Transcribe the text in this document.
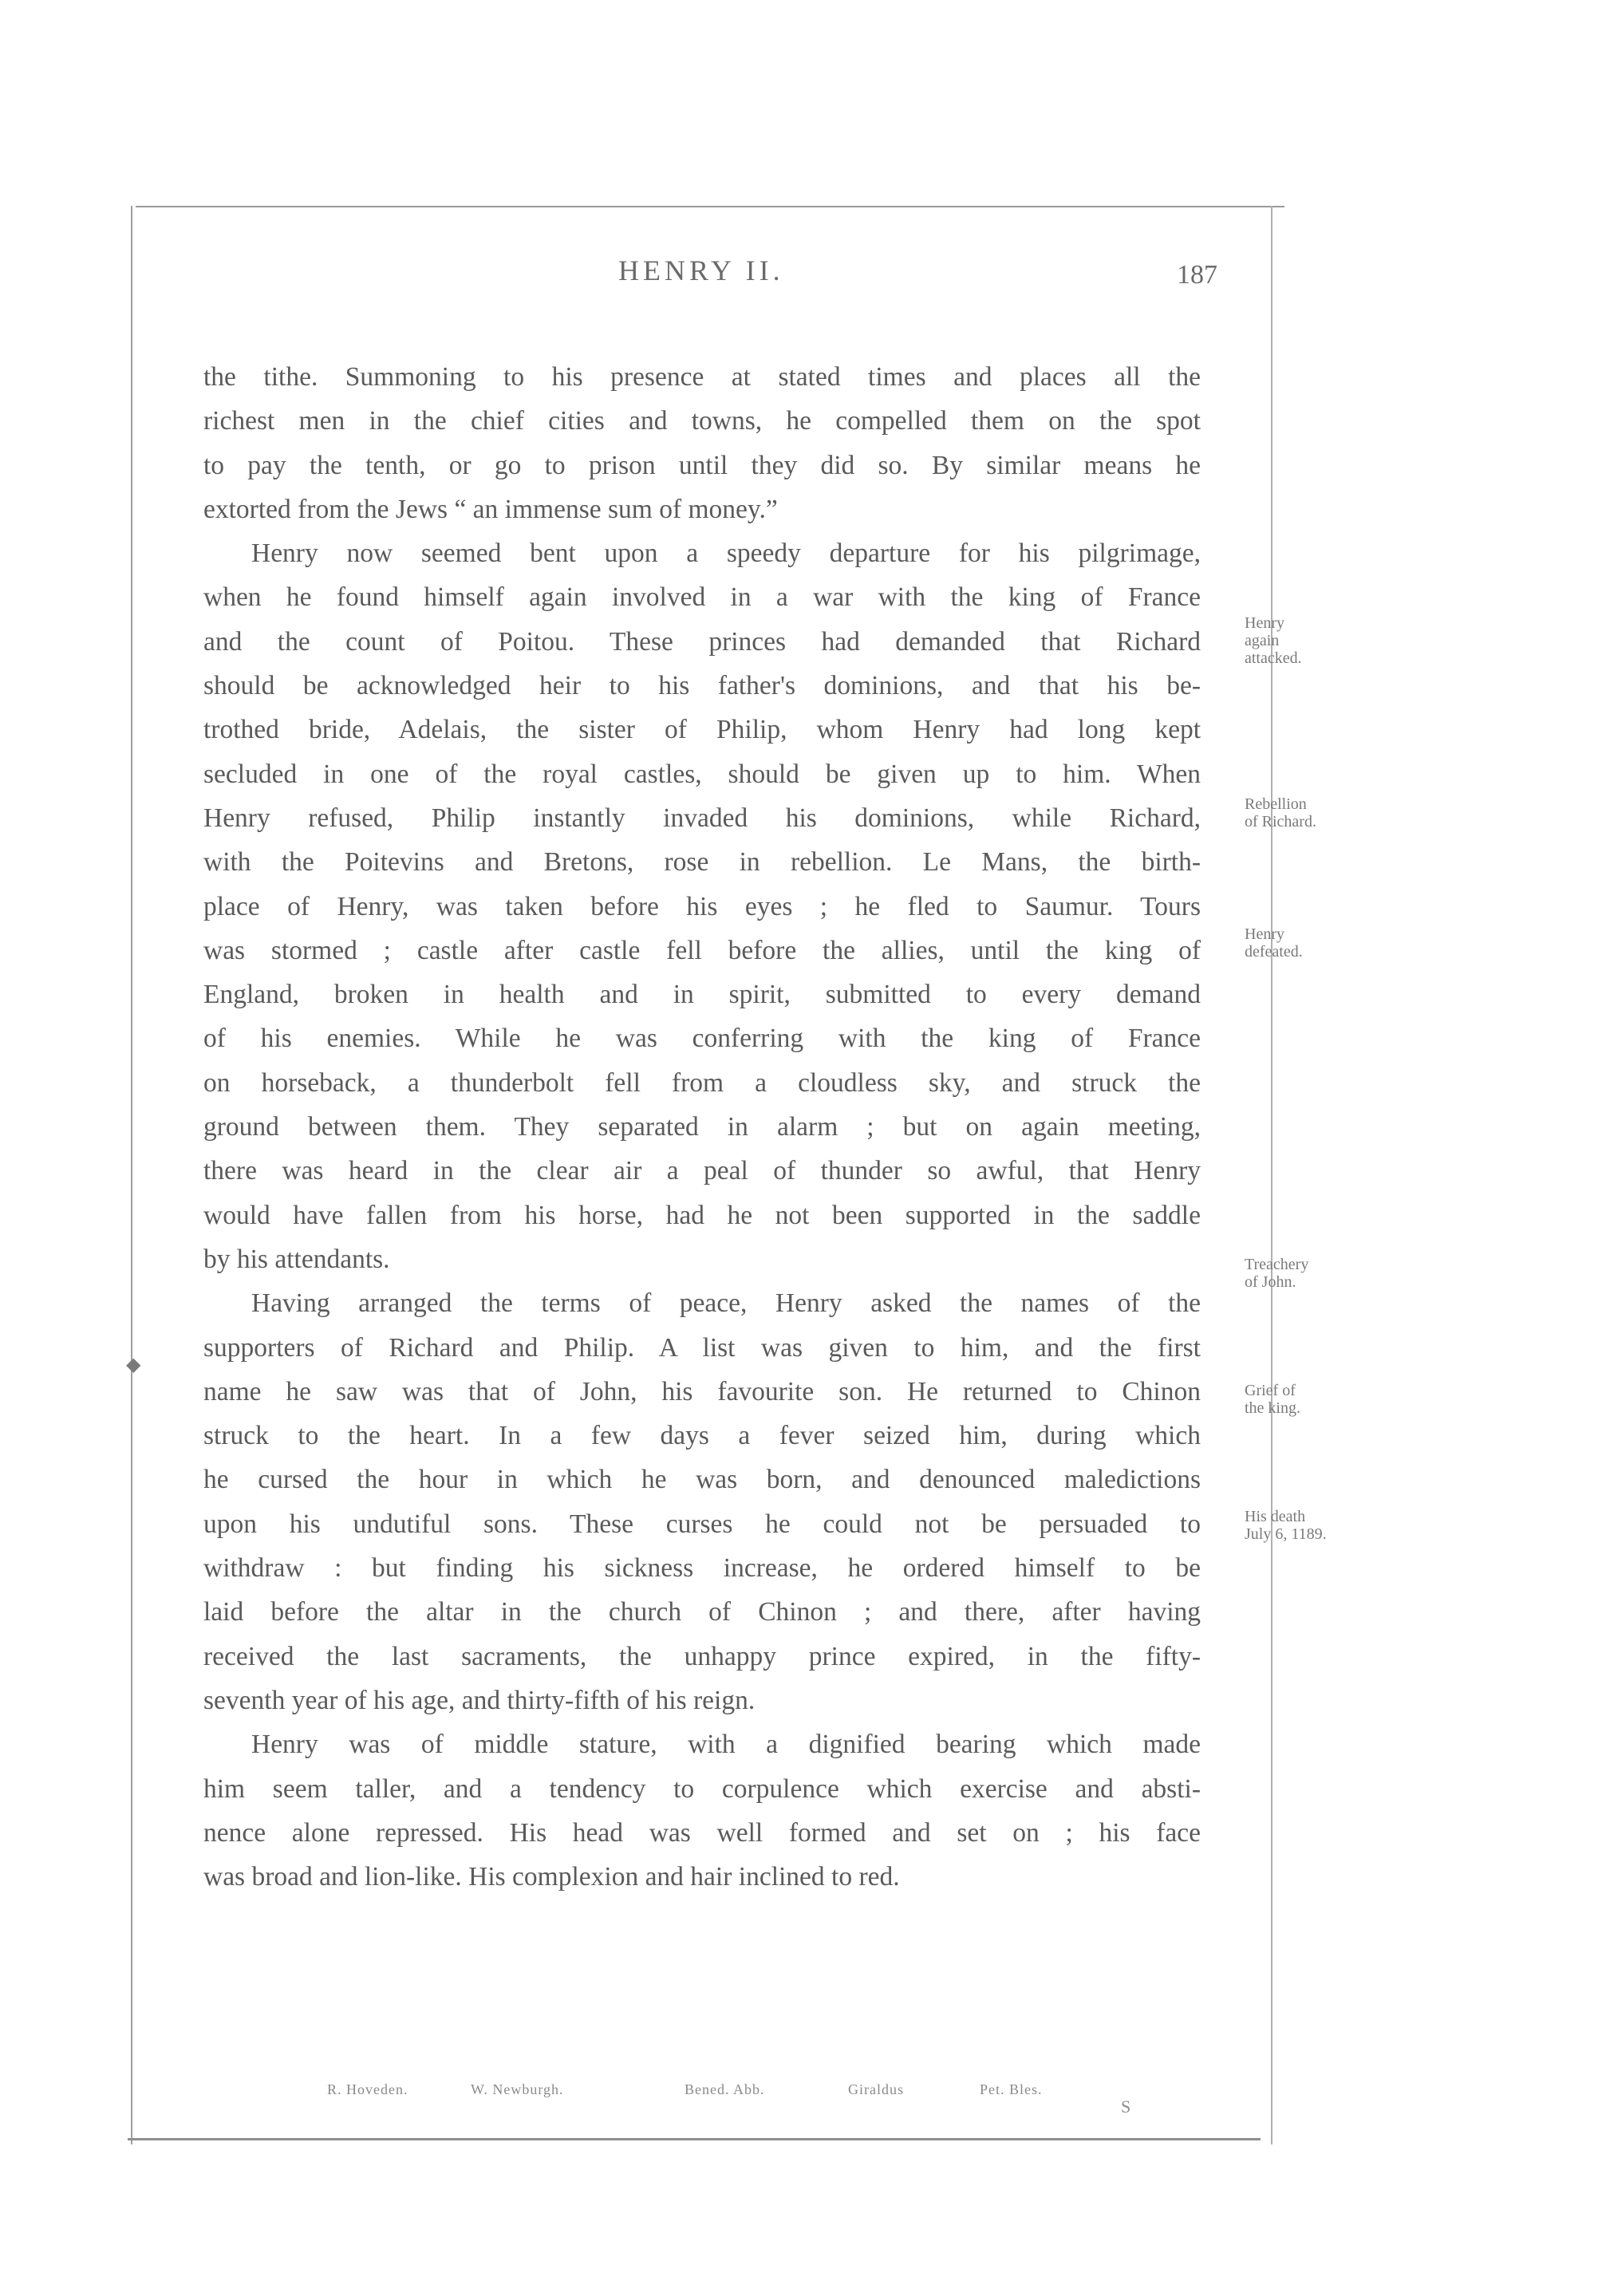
HENRY II.	187

the tithe. Summoning to his presence at stated times and places all the

richest men in the chief cities and towns, he compelled them on the spot

to pay the tenth, or go to prison until they did so. By similar means he

extorted from the Jews “ an immense sum of money.”

Henry now seemed bent upon a speedy departure for his pilgrimage,

when he found himself again involved in a war with the king of France

and the count of Poitou. These princes had demanded that Richard

should be acknowledged heir to his father's dominions, and that his be-

trothed bride, Adelais, the sister of Philip, whom Henry had long kept

secluded in one of the royal castles, should be given up to him. When

Henry refused, Philip instantly invaded his dominions, while Richard,

with the Poitevins and Bretons, rose in rebellion. Le Mans, the birth-

place of Henry, was taken before his eyes ; he fled to Saumur. Tours

was stormed ; castle after castle fell before the allies, until the king of

England, broken in health and in spirit, submitted to every demand

of his enemies. While he was conferring with the king of France

on horseback, a thunderbolt fell from a cloudless sky, and struck the

ground between them. They separated in alarm ; but on again meeting,

there was heard in the clear air a peal of thunder so awful, that Henry

would have fallen from his horse, had he not been supported in the saddle

by his attendants.

Having arranged the terms of peace, Henry asked the names of the

supporters of Richard and Philip. A list was given to him, and the first

name he saw was that of John, his favourite son. He returned to Chinon

struck to the heart. In a few days a fever seized him, during which

he cursed the hour in which he was born, and denounced maledictions

upon his undutiful sons. These curses he could not be persuaded to

withdraw : but finding his sickness increase, he ordered himself to be

laid before the altar in the church of Chinon ; and there, after having

received the last sacraments, the unhappy prince expired, in the fifty-

seventh year of his age, and thirty-fifth of his reign.

Henry was of middle stature, with a dignified bearing which made

him seem taller, and a tendency to corpulence which exercise and absti-

nence alone repressed. His head was well formed and set on ; his face

was broad and lion-like. His complexion and hair inclined to red.

Henry
again
attacked.
Rebellion
of Richard.
Henry
defeated.
Treachery
of John.
Grief of
the king.
His death
July 6, 1189.
◆
R. Hoveden.	W. Newburgh.	Bened. Abb.	Giraldus	Pet. Bles.
S
